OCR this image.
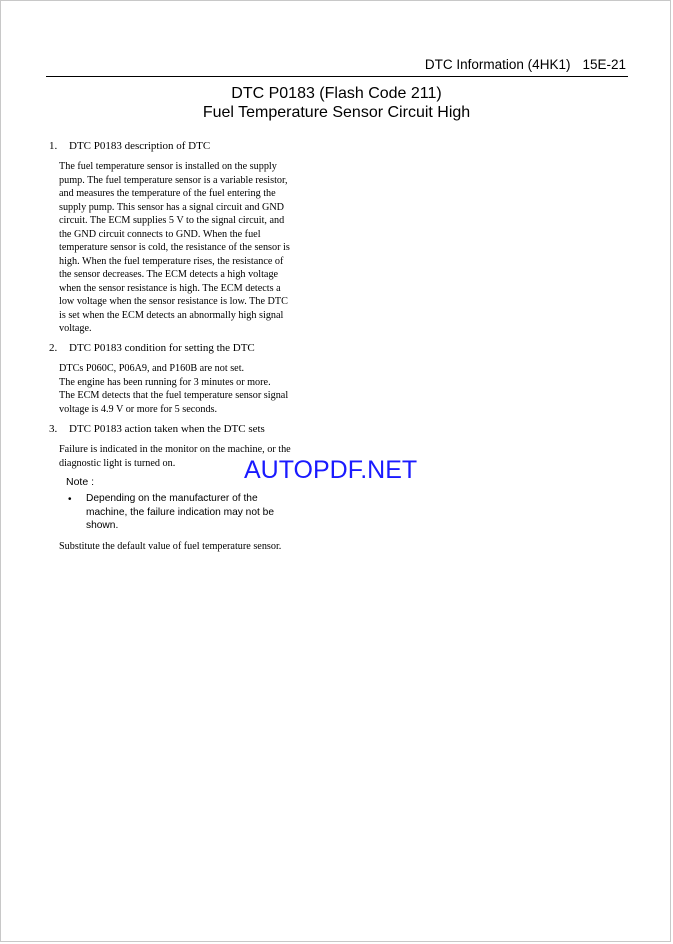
DTC Information (4HK1) 15E-21
DTC P0183 (Flash Code 211)
Fuel Temperature Sensor Circuit High
1. DTC P0183 description of DTC
The fuel temperature sensor is installed on the supply
pump. The fuel temperature sensor is a variable resistor,
and measures the temperature of the fuel entering the
supply pump. This sensor has a signal circuit and GND
circuit. The ECM supplies 5 V to the signal circuit, and
the GND circuit connects to GND. When the fuel
temperature sensor is cold, the resistance of the sensor is
high. When the fuel temperature rises, the resistance of
the sensor decreases. The ECM detects a high voltage
when the sensor resistance is high. The ECM detects a
low voltage when the sensor resistance is low. The DTC
is set when the ECM detects an abnormally high signal
voltage.
2. DTC P0183 condition for setting the DTC
DTCs P060C, P06A9, and P160B are not set.
The engine has been running for 3 minutes or more.
The ECM detects that the fuel temperature sensor signal
voltage is 4.9 V or more for 5 seconds.
3. DTC P0183 action taken when the DTC sets
Failure is indicated in the monitor on the machine, or the
diagnostic light is turned on.	AUTOPDF.NET
Note :
• Depending on the manufacturer of the
machine, the failure indication may not be
shown.
Substitute the default value of fuel temperature sensor.
